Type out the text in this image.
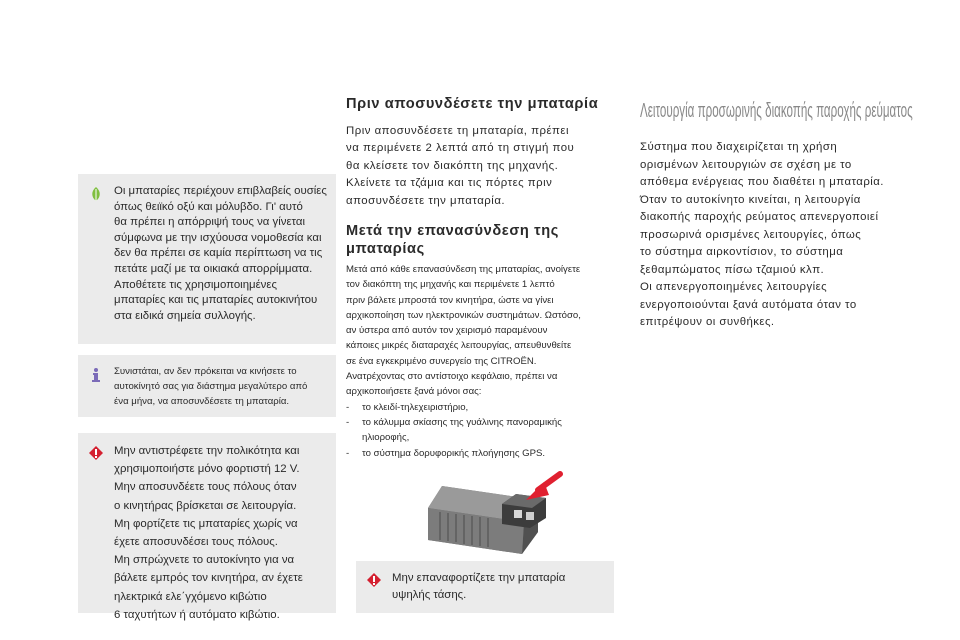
Οι μπαταρίες περιέχουν επιβλαβείς ουσίες
όπως θειϊκό οξύ και μόλυβδο. Γι' αυτό
θα πρέπει η απόρριψή τους να γίνεται
σύμφωνα με την ισχύουσα νομοθεσία και
δεν θα πρέπει σε καμία περίπτωση να τις
πετάτε μαζί με τα οικιακά απορρίμματα.
Αποθέτετε τις χρησιμοποιημένες
μπαταρίες και τις μπαταρίες αυτοκινήτου
στα ειδικά σημεία συλλογής.
Συνιστάται, αν δεν πρόκειται να κινήσετε το
αυτοκίνητό σας για διάστημα μεγαλύτερο από
ένα μήνα, να αποσυνδέσετε τη μπαταρία.
Μην αντιστρέφετε την πολικότητα και
χρησιμοποιήστε μόνο φορτιστή 12 V.
Μην αποσυνδέετε τους πόλους όταν
ο κινητήρας βρίσκεται σε λειτουργία.
Μη φορτίζετε τις μπαταρίες χωρίς να
έχετε αποσυνδέσει τους πόλους.
Μη σπρώχνετε το αυτοκίνητο για να
βάλετε εμπρός τον κινητήρα, αν έχετε
ηλεκτρικά ελε΄γχόμενο κιβώτιο
6 ταχυτήτων ή αυτόματο κιβώτιο.
Πριν αποσυνδέσετε την μπαταρία
Πριν αποσυνδέσετε τη μπαταρία, πρέπει
να περιμένετε 2 λεπτά από τη στιγμή που
θα κλείσετε τον διακόπτη της μηχανής.
Κλείνετε τα τζάμια και τις πόρτες πριν
αποσυνδέσετε την μπαταρία.
Μετά την επανασύνδεση της
μπαταρίας
Μετά από κάθε επανασύνδεση της μπαταρίας, ανοίγετε
τον διακόπτη της μηχανής και περιμένετε 1 λεπτό
πριν βάλετε μπροστά τον κινητήρα, ώστε να γίνει
αρχικοποίηση των ηλεκτρονικών συστημάτων. Ωστόσο,
αν ύστερα από αυτόν τον χειρισμό παραμένουν
κάποιες μικρές διαταραχές λειτουργίας, απευθυνθείτε
σε ένα εγκεκριμένο συνεργείο της CITROËN.
Ανατρέχοντας στο αντίστοιχο κεφάλαιο, πρέπει να
αρχικοποιήσετε ξανά μόνοι σας:
- το κλειδί-τηλεχειριστήριο,
- το κάλυμμα σκίασης της γυάλινης πανοραμικής
ηλιοροφής,
- το σύστημα δορυφορικής πλοήγησης GPS.
Μην επαναφορτίζετε την μπαταρία
υψηλής τάσης.
Λειτουργία προσωρινής διακοπής παροχής ρεύματος
Σύστημα που διαχειρίζεται τη χρήση
ορισμένων λειτουργιών σε σχέση με το
απόθεμα ενέργειας που διαθέτει η μπαταρία.
Όταν το αυτοκίνητο κινείται, η λειτουργία
διακοπής παροχής ρεύματος απενεργοποιεί
προσωρινά ορισμένες λειτουργίες, όπως
το σύστημα αιρκοντίσιον, το σύστημα
ξεθαμπώματος πίσω τζαμιού κλπ.
Οι απενεργοποιημένες λειτουργίες
ενεργοποιούνται ξανά αυτόματα όταν το
επιτρέψουν οι συνθήκες.
